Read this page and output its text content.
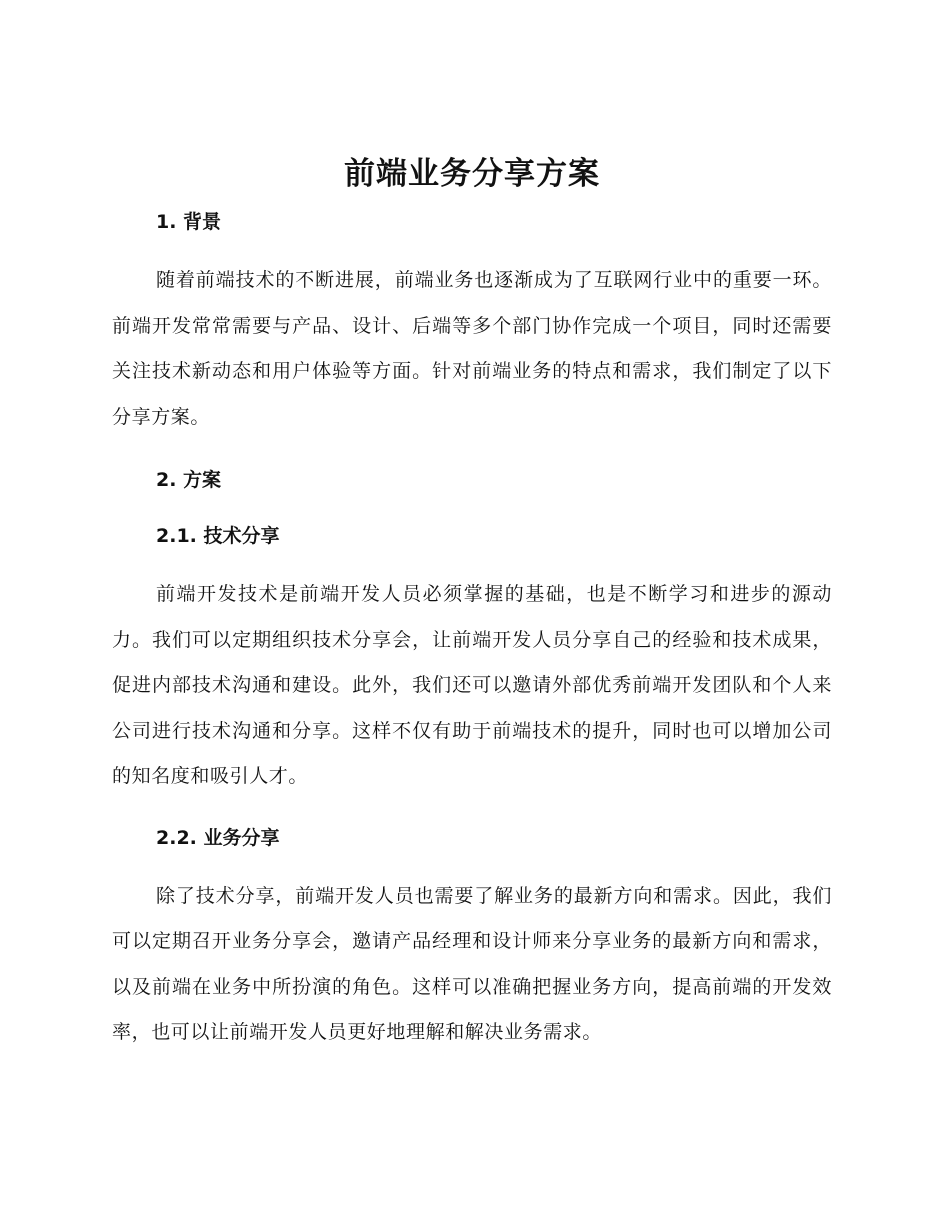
前端业务分享方案
1. 背景

随着前端技术的不断进展，前端业务也逐渐成为了互联网行业中的重要一环。前端开发常常需要与产品、设计、后端等多个部门协作完成一个项目，同时还需要关注技术新动态和用户体验等方面。针对前端业务的特点和需求，我们制定了以下分享方案。

2. 方案
2.1. 技术分享

前端开发技术是前端开发人员必须掌握的基础，也是不断学习和进步的源动力。我们可以定期组织技术分享会，让前端开发人员分享自己的经验和技术成果，促进内部技术沟通和建设。此外，我们还可以邀请外部优秀前端开发团队和个人来公司进行技术沟通和分享。这样不仅有助于前端技术的提升，同时也可以增加公司的知名度和吸引人才。

2.2. 业务分享

除了技术分享，前端开发人员也需要了解业务的最新方向和需求。因此，我们可以定期召开业务分享会，邀请产品经理和设计师来分享业务的最新方向和需求，以及前端在业务中所扮演的角色。这样可以准确把握业务方向，提高前端的开发效率，也可以让前端开发人员更好地理解和解决业务需求。
